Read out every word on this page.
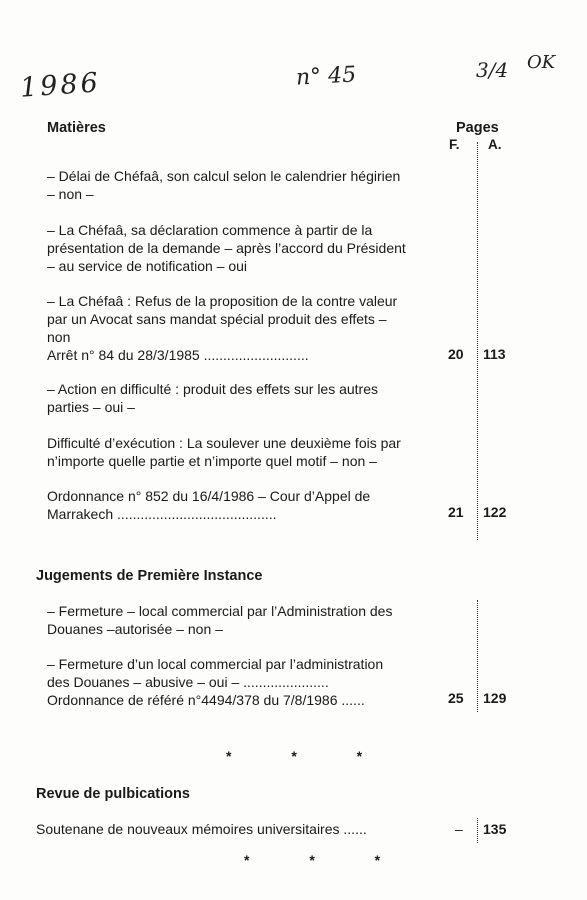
1986	n° 45	3/4 OK
Matières	Pages
F. A.
– Délai de Chéfaâ, son calcul selon le calendrier hégirien
– non –
– La Chéfaâ, sa déclaration commence à partir de la
présentation de la demande – après l’accord du Président
– au service de notification – oui
– La Chéfaâ : Refus de la proposition de la contre valeur
par un Avocat sans mandat spécial produit des effets –
non
Arrêt n° 84 du 28/3/1985 ...........................	20 113
– Action en difficulté : produit des effets sur les autres
parties – oui –
Difficulté d’exécution : La soulever une deuxième fois par
n’importe quelle partie et n’importe quel motif – non –
Ordonnance n° 852 du 16/4/1986 – Cour d’Appel de
Marrakech .........................................	21 122
Jugements de Première Instance
– Fermeture – local commercial par l’Administration des
Douanes –autorisée – non –
– Fermeture d’un local commercial par l’administration
des Douanes – abusive – oui – ......................
Ordonnance de référé n°4494/378 du 7/8/1986 ......	25 129
* * *
Revue de pulbications
Soutenane de nouveaux mémoires universitaires ......	– 135
* * *
